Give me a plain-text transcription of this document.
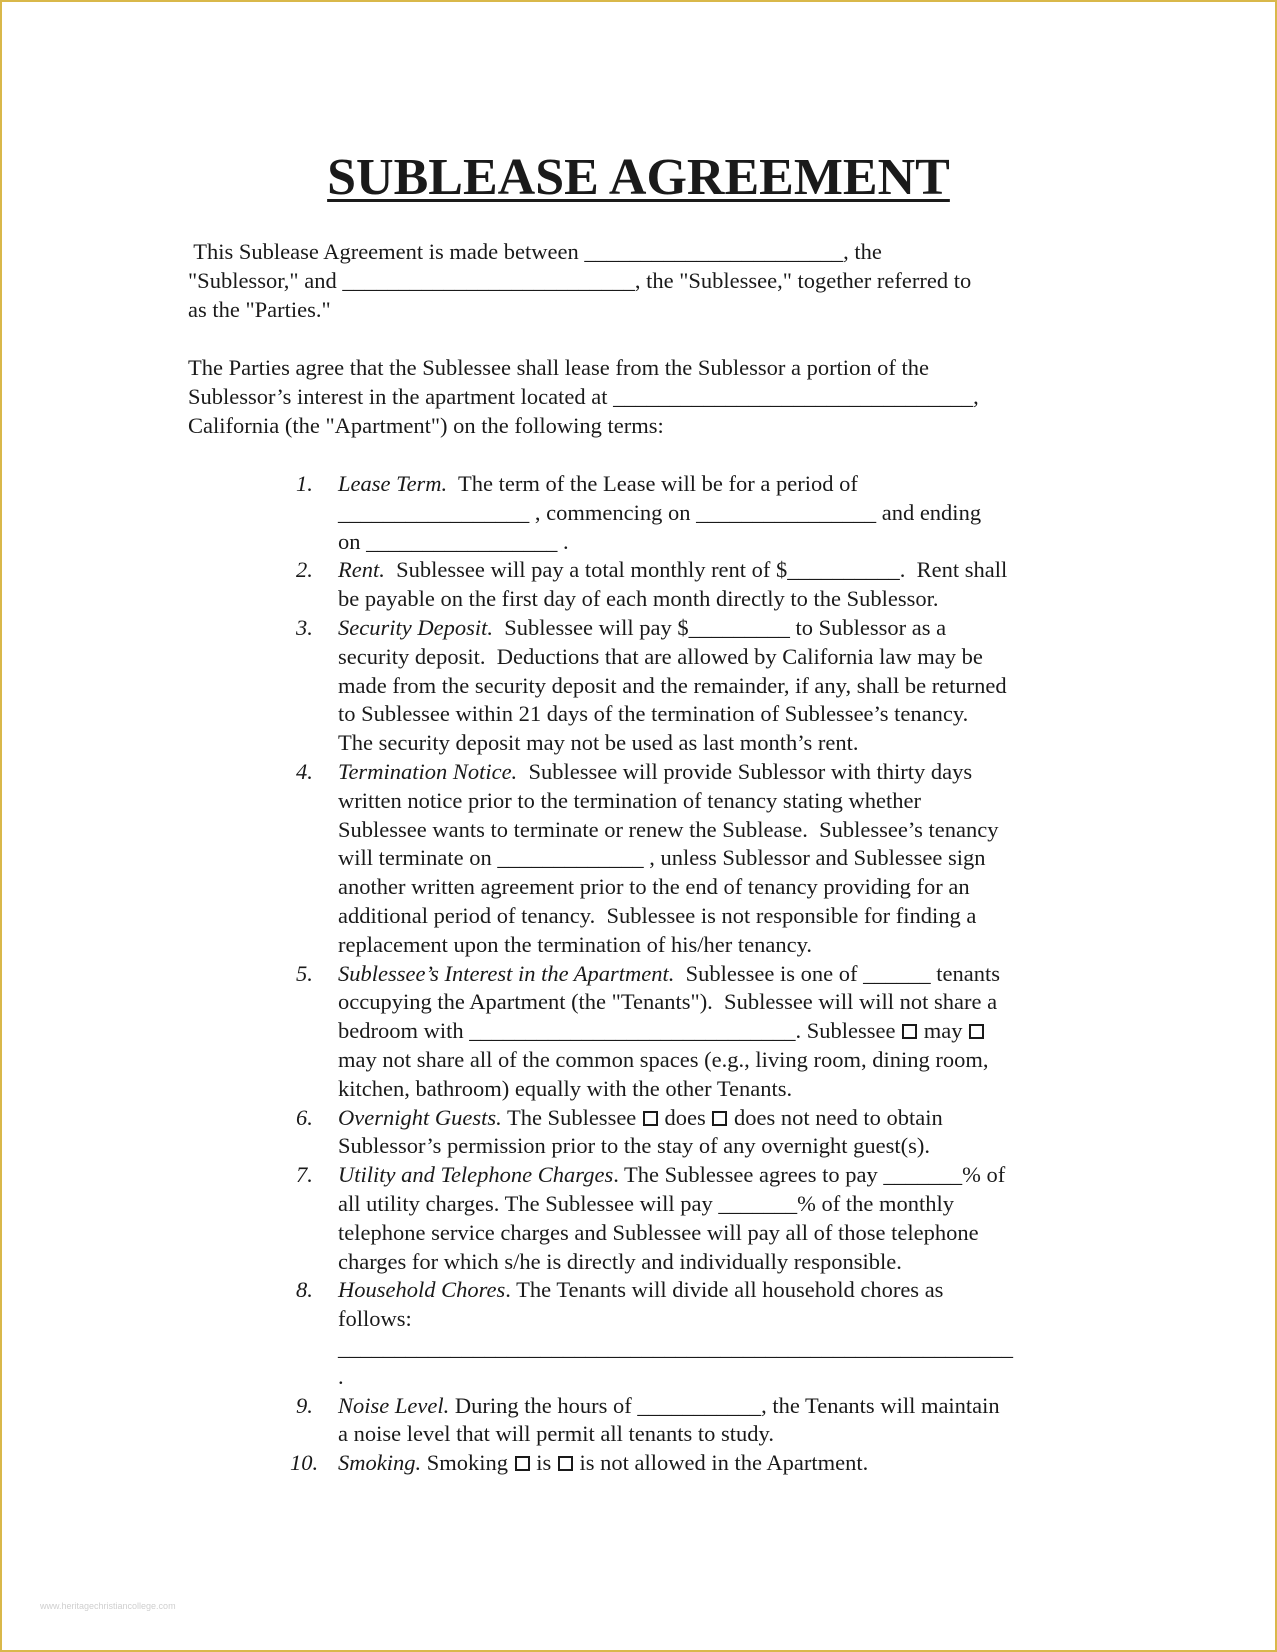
SUBLEASE AGREEMENT
This Sublease Agreement is made between _______________________, the
"Sublessor," and __________________________, the "Sublessee," together referred to
as the "Parties."
The Parties agree that the Sublessee shall lease from the Sublessor a portion of the
Sublessor’s interest in the apartment located at ________________________________,
California (the "Apartment") on the following terms:
1.	Lease Term.  The term of the Lease will be for a period of
_________________ , commencing on ________________ and ending
on _________________ .
2.	Rent.  Sublessee will pay a total monthly rent of $__________.  Rent shall
be payable on the first day of each month directly to the Sublessor.
3.	Security Deposit.  Sublessee will pay $_________ to Sublessor as a
security deposit.  Deductions that are allowed by California law may be
made from the security deposit and the remainder, if any, shall be returned
to Sublessee within 21 days of the termination of Sublessee’s tenancy.
The security deposit may not be used as last month’s rent.
4.	Termination Notice.  Sublessee will provide Sublessor with thirty days
written notice prior to the termination of tenancy stating whether
Sublessee wants to terminate or renew the Sublease.  Sublessee’s tenancy
will terminate on _____________ , unless Sublessor and Sublessee sign
another written agreement prior to the end of tenancy providing for an
additional period of tenancy.  Sublessee is not responsible for finding a
replacement upon the termination of his/her tenancy.
5.	Sublessee’s Interest in the Apartment.  Sublessee is one of ______ tenants
occupying the Apartment (the "Tenants").  Sublessee will will not share a
bedroom with _____________________________. Sublessee  may
may not share all of the common spaces (e.g., living room, dining room,
kitchen, bathroom) equally with the other Tenants.
6.	Overnight Guests. The Sublessee  does  does not need to obtain
Sublessor’s permission prior to the stay of any overnight guest(s).
7.	Utility and Telephone Charges. The Sublessee agrees to pay _______% of
all utility charges. The Sublessee will pay _______% of the monthly
telephone service charges and Sublessee will pay all of those telephone
charges for which s/he is directly and individually responsible.
8.	Household Chores. The Tenants will divide all household chores as
follows:
____________________________________________________________
.
9.	Noise Level. During the hours of ___________, the Tenants will maintain
a noise level that will permit all tenants to study.
10. Smoking. Smoking  is  is not allowed in the Apartment.
www.heritagechristiancollege.com
